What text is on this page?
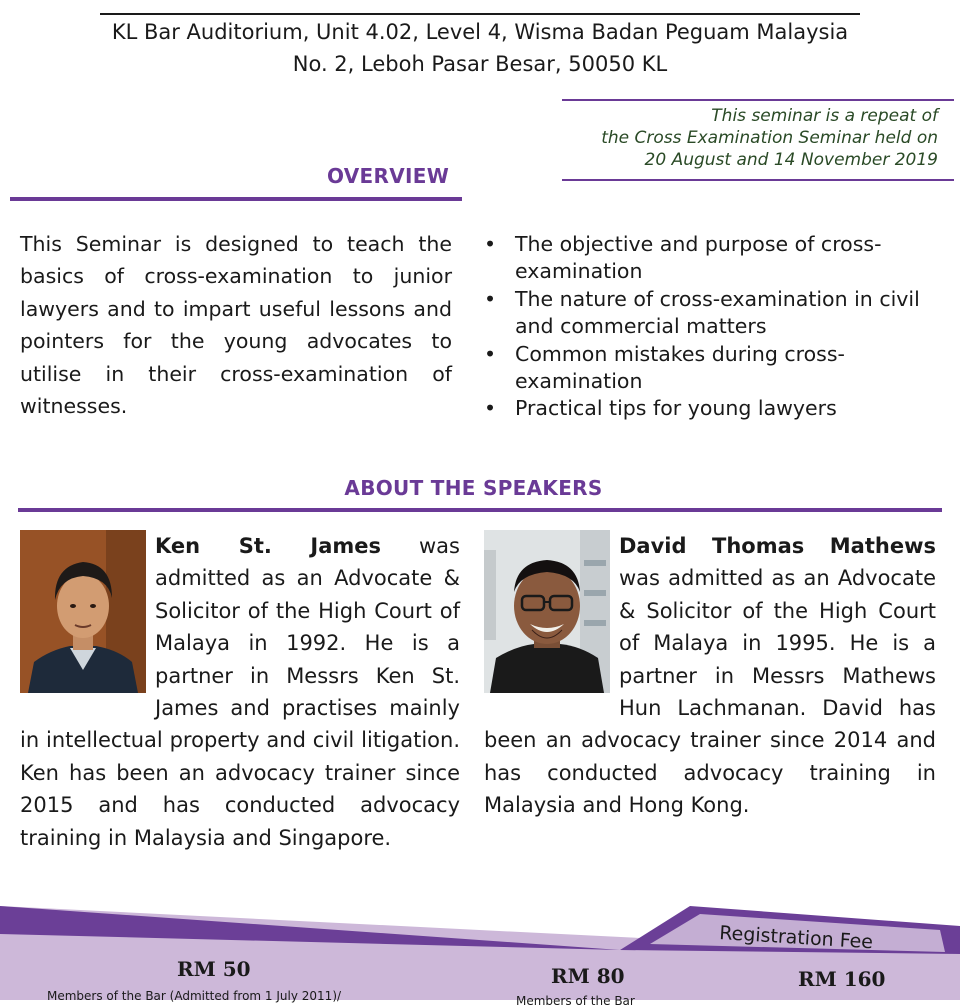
KL Bar Auditorium, Unit 4.02, Level 4, Wisma Badan Peguam Malaysia
No. 2, Leboh Pasar Besar, 50050 KL
This seminar is a repeat of
the Cross Examination Seminar held on
20 August and 14 November 2019
OVERVIEW

This Seminar is designed to teach the basics of cross-examination to junior lawyers and to impart useful lessons and pointers for the young advocates to utilise in their cross-examination of witnesses.

• The objective and purpose of cross-examination
• The nature of cross-examination in civil and commercial matters
• Common mistakes during cross-examination
• Practical tips for young lawyers
ABOUT THE SPEAKERS
Ken St. James was admitted as an Advocate & Solicitor of the High Court of Malaya in 1992. He is a partner in Messrs Ken St. James and practises mainly in intellectual property and civil litigation. Ken has been an advocacy trainer since 2015 and has conducted advocacy training in Malaysia and Singapore.
David Thomas Mathews was admitted as an Advocate & Solicitor of the High Court of Malaya in 1995. He is a partner in Messrs Mathews Hun Lachmanan. David has been an advocacy trainer since 2014 and has conducted advocacy training in Malaysia and Hong Kong.
Registration Fee
RM 50
Members of the Bar (Admitted from 1 July 2011)/
RM 80
Members of the Bar
RM 160
